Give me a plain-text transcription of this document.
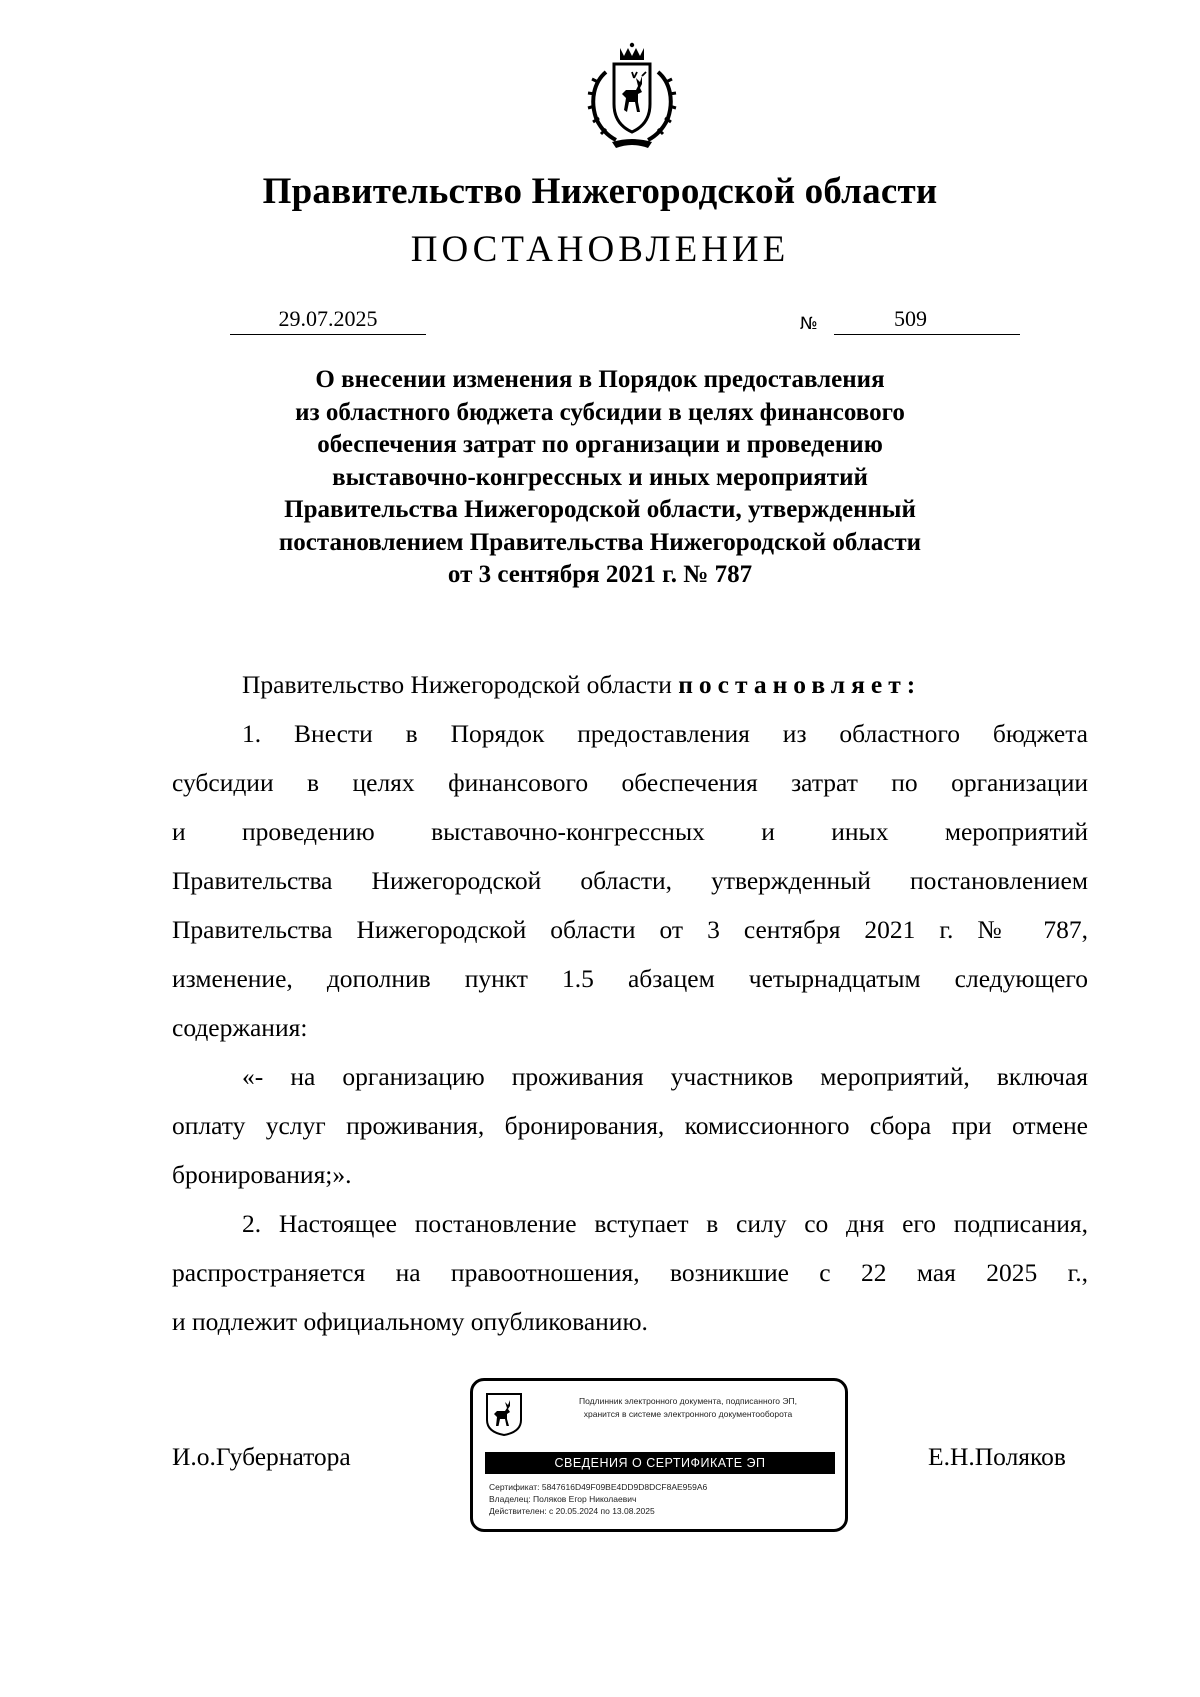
Правительство Нижегородской области
ПОСТАНОВЛЕНИЕ
29.07.2025	№	509
О внесении изменения в Порядок предоставления
из областного бюджета субсидии в целях финансового
обеспечения затрат по организации и проведению
выставочно-конгрессных и иных мероприятий
Правительства Нижегородской области, утвержденный
постановлением Правительства Нижегородской области
от 3 сентября 2021 г. № 787
Правительство Нижегородской области постановляет:
1. Внести в Порядок предоставления из областного бюджета
субсидии в целях финансового обеспечения затрат по организации
и проведению выставочно-конгрессных и иных мероприятий
Правительства Нижегородской области, утвержденный постановлением
Правительства Нижегородской области от 3 сентября 2021 г. № 787,
изменение, дополнив пункт 1.5 абзацем четырнадцатым следующего
содержания:
«- на организацию проживания участников мероприятий, включая
оплату услуг проживания, бронирования, комиссионного сбора при отмене
бронирования;».
2. Настоящее постановление вступает в силу со дня его подписания,
распространяется на правоотношения, возникшие с 22 мая 2025 г.,
и подлежит официальному опубликованию.
И.о.Губернатора	Е.Н.Поляков
Подлинник электронного документа, подписанного ЭП,
хранится в системе электронного документооборота
СВЕДЕНИЯ О СЕРТИФИКАТЕ ЭП
Сертификат: 5847616D49F09BE4DD9D8DCF8AE959A6
Владелец: Поляков Егор Николаевич
Действителен: с 20.05.2024 по 13.08.2025
